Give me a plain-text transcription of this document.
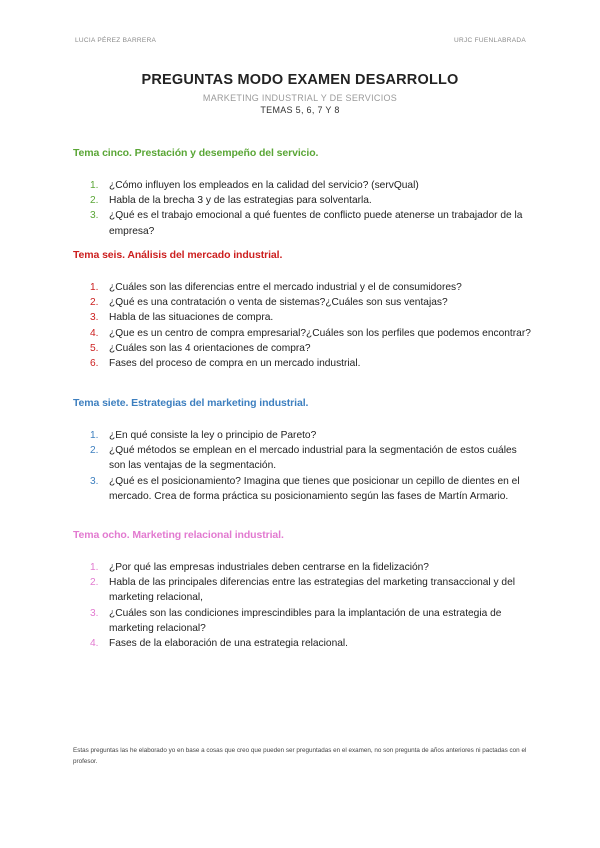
LUCIA PÉREZ BARRERA	URJC FUENLABRADA
PREGUNTAS MODO EXAMEN DESARROLLO
MARKETING INDUSTRIAL Y DE SERVICIOS
TEMAS 5, 6, 7 Y 8
Tema cinco. Prestación y desempeño del servicio.
1. ¿Cómo influyen los empleados en la calidad del servicio? (servQual)
2. Habla de la brecha 3 y de las estrategias para solventarla.
3. ¿Qué es el trabajo emocional a qué fuentes de conflicto puede atenerse un trabajador de la empresa?
Tema seis. Análisis del mercado industrial.
1. ¿Cuáles son las diferencias entre el mercado industrial y el de consumidores?
2. ¿Qué es una contratación o venta de sistemas?¿Cuáles son sus ventajas?
3. Habla de las situaciones de compra.
4. ¿Que es un centro de compra empresarial?¿Cuáles son los perfiles que podemos encontrar?
5. ¿Cuáles son las 4 orientaciones de compra?
6. Fases del proceso de compra en un mercado industrial.
Tema siete. Estrategias del marketing industrial.
1. ¿En qué consiste la ley o principio de Pareto?
2. ¿Qué métodos se emplean en el mercado industrial para la segmentación de estos cuáles son las ventajas de la segmentación.
3. ¿Qué es el posicionamiento? Imagina que tienes que posicionar un cepillo de dientes en el mercado. Crea de forma práctica su posicionamiento según las fases de Martín Armario.
Tema ocho. Marketing relacional industrial.
1. ¿Por qué las empresas industriales deben centrarse en la fidelización?
2. Habla de las principales diferencias entre las estrategias del marketing transaccional y del marketing relacional,
3. ¿Cuáles son las condiciones imprescindibles para la implantación de una estrategia de marketing relacional?
4. Fases de la elaboración de una estrategia relacional.
Estas preguntas las he elaborado yo en base a cosas que creo que pueden ser preguntadas en el examen, no son pregunta de años anteriores ni pactadas con el profesor.
